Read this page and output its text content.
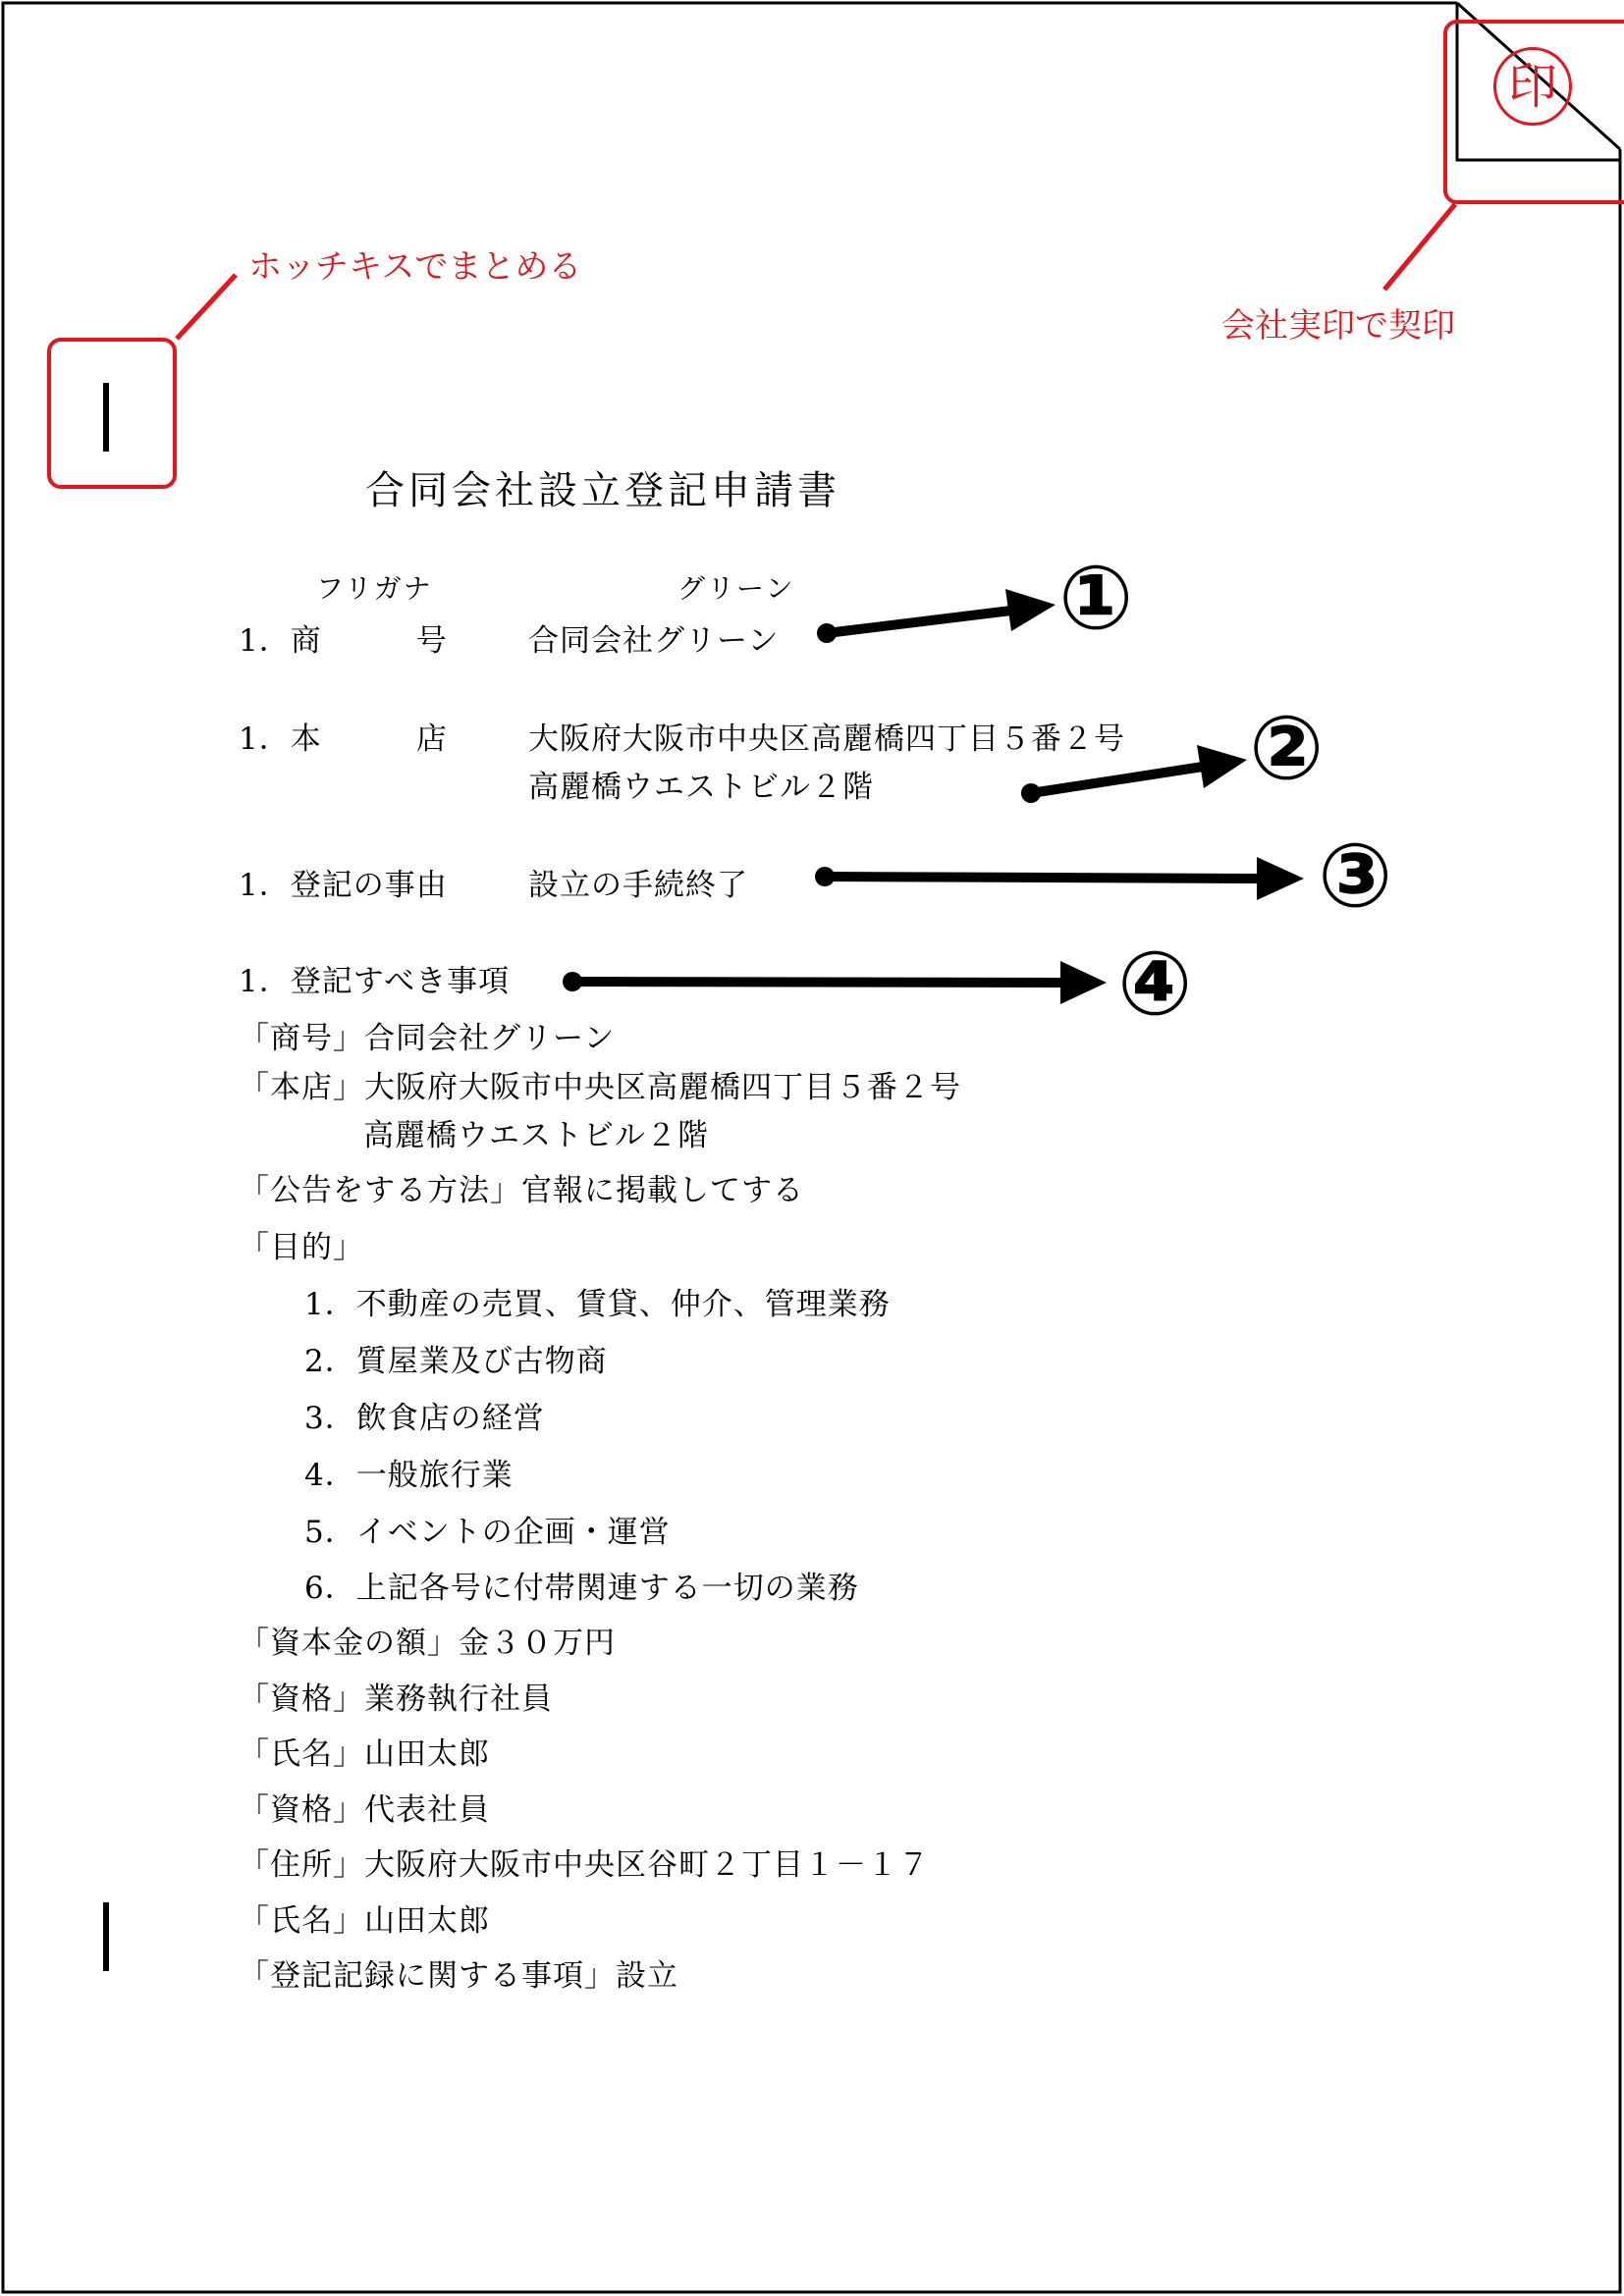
印
ホッチキスでまとめる
会社実印で契印
合同会社設立登記申請書
フリガナ	グリーン
1．商　　　号	合同会社グリーン
1．本　　　店	大阪府大阪市中央区高麗橋四丁目５番２号
高麗橋ウエストビル２階
1．登記の事由	設立の手続終了
1．登記すべき事項
「商号」合同会社グリーン
「本店」大阪府大阪市中央区高麗橋四丁目５番２号
高麗橋ウエストビル２階
「公告をする方法」官報に掲載してする
「目的」
1．不動産の売買、賃貸、仲介、管理業務
2．質屋業及び古物商
3．飲食店の経営
4．一般旅行業
5．イベントの企画・運営
6．上記各号に付帯関連する一切の業務
「資本金の額」金３０万円
「資格」業務執行社員
「氏名」山田太郎
「資格」代表社員
「住所」大阪府大阪市中央区谷町２丁目１－１７
「氏名」山田太郎
「登記記録に関する事項」設立
①
②
③
④
